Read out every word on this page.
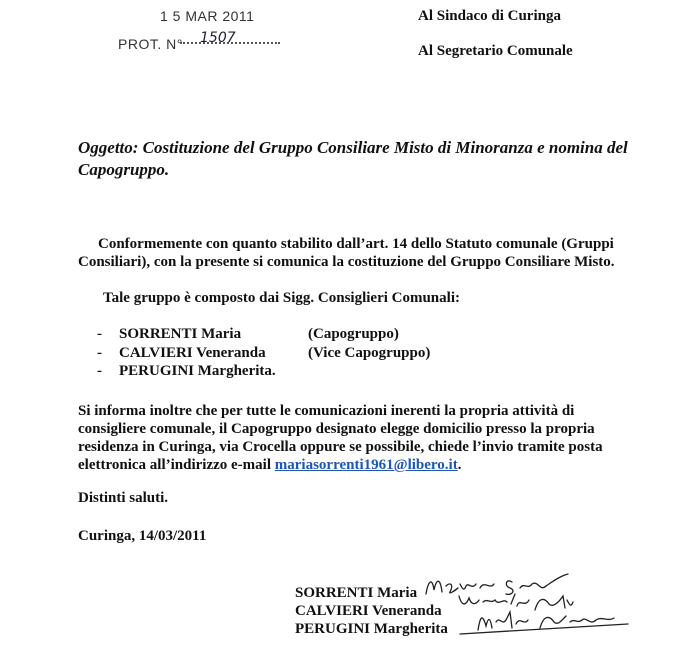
1 5 MAR 2011
PROT. N° 1507
Al Sindaco di Curinga
Al Segretario Comunale
Oggetto: Costituzione del Gruppo Consiliare Misto di Minoranza e nomina del Capogruppo.
Conformemente con quanto stabilito dall’art. 14 dello Statuto comunale (Gruppi Consiliari), con la presente si comunica la costituzione del Gruppo Consiliare Misto.
Tale gruppo è composto dai Sigg. Consiglieri Comunali:
- SORRENTI Maria	(Capogruppo)
- CALVIERI Veneranda	(Vice Capogruppo)
- PERUGINI Margherita.
Si informa inoltre che per tutte le comunicazioni inerenti la propria attività di consigliere comunale, il Capogruppo designato elegge domicilio presso la propria residenza in Curinga, via Crocella oppure se possibile, chiede l’invio tramite posta elettronica all’indirizzo e-mail mariasorrenti1961@libero.it.
Distinti saluti.
Curinga, 14/03/2011
SORRENTI Maria
CALVIERI Veneranda
PERUGINI Margherita
